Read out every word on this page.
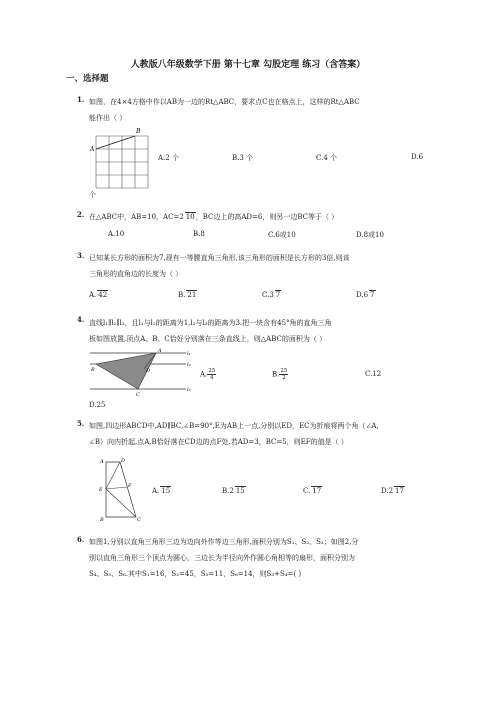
人教版八年级数学下册 第十七章 勾股定理 练习（含答案）
一、选择题
1. 如图，在4×4方格中作以AB为一边的Rt△ABC，要求点C也在格点上，这样的Rt△ABC
能作出（ ）
A
B
A.2 个	B.3 个	C.4 个	D.6
个
2. 在△ABC中，AB=10，AC=2 10，BC边上的高AD=6，则另一边BC等于（ ）
A.10	B.8	C.6或10	D.8或10
3. 已知某长方形的面积为7,现有一等腰直角三角形,该三角形的面积是长方形的3倍,则该
三角形的直角边的长度为（ ）
A. 42	B. 21	C.3 7	D.6 7
4. 直线l₁∥l₂∥l₃，且l₁与l₂的距离为1,l₂与l₃的距离为3.把一块含有45°角的直角三角
板如图放置,顶点A、B、C恰好分别落在三条直线上，则△ABC的面积为（ ）
l₁
l₂
l₃
A
B
C
D	A. $\frac{25}{4}$	B. $\frac{25}{2}$	C.12
D.25
5. 如图,四边形ABCD中,AD∥BC,∠B=90°,E为AB上一点,分别以ED，EC为折痕将两个角（∠A,
∠B）向内折起,点A,B恰好落在CD边的点F处.若AD=3，BC=5，则EF的值是（ ）
A	D
E
F
B	C
A. 15	B.2 15	C. 17	D.2 17
6. 如图1,分别以直角三角形三边为边向外作等边三角形,面积分别为S₁、S₂、S₃；如图2,分
别以直角三角形三个顶点为圆心，三边长为半径向外作圆心角相等的扇形，面积分别为
S₄、S₅、S₆.其中S₁=16，S₂=45，S₅=11，S₆=14，则S₃+S₄=( )
